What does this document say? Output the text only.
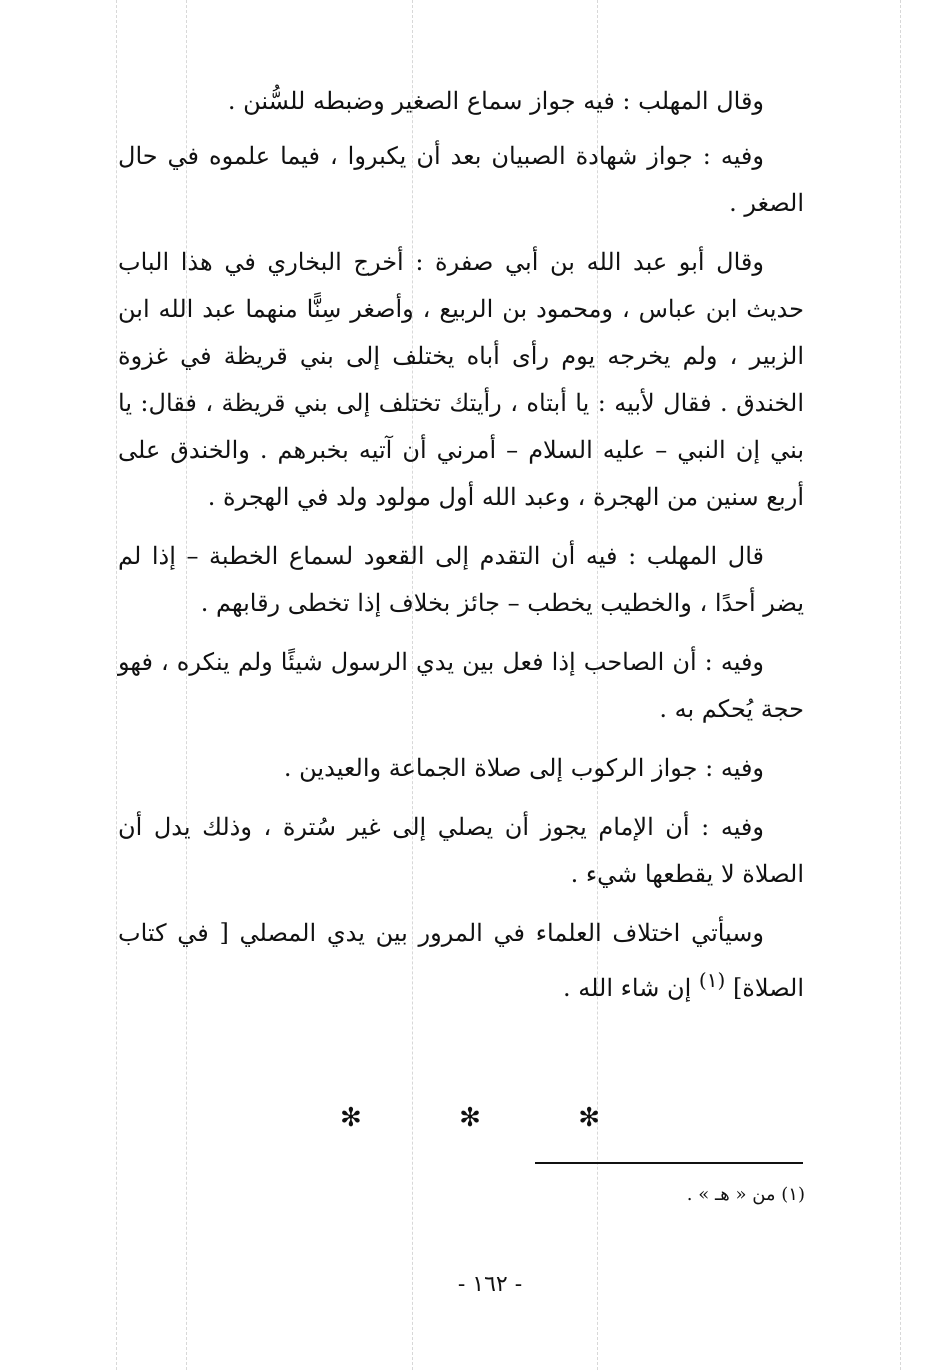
وقال المهلب : فيه جواز سماع الصغير وضبطه للسُّنن .

وفيه : جواز شهادة الصبيان بعد أن يكبروا ، فيما علموه في حال الصغر .

وقال أبو عبد الله بن أبي صفرة : أخرج البخاري في هذا الباب حديث ابن عباس ، ومحمود بن الربيع ، وأصغر سِنًّا منهما عبد الله ابن الزبير ، ولم يخرجه يوم رأى أباه يختلف إلى بني قريظة في غزوة الخندق . فقال لأبيه : يا أبتاه ، رأيتك تختلف إلى بني قريظة ، فقال: يا بني إن النبي – عليه السلام – أمرني أن آتيه بخبرهم . والخندق على أربع سنين من الهجرة ، وعبد الله أول مولود ولد في الهجرة .

قال المهلب : فيه أن التقدم إلى القعود لسماع الخطبة – إذا لم يضر أحدًا ، والخطيب يخطب – جائز بخلاف إذا تخطى رقابهم .

وفيه : أن الصاحب إذا فعل بين يدي الرسول شيئًا ولم ينكره ، فهو حجة يُحكم به .

وفيه : جواز الركوب إلى صلاة الجماعة والعيدين .

وفيه : أن الإمام يجوز أن يصلي إلى غير سُترة ، وذلك يدل أن الصلاة لا يقطعها شيء .

وسيأتي اختلاف العلماء في المرور بين يدي المصلي [ في كتاب الصلاة] $^{(١)}$ إن شاء الله .

✻	✻	✻
(١) من « هـ » .
- ١٦٢ -
